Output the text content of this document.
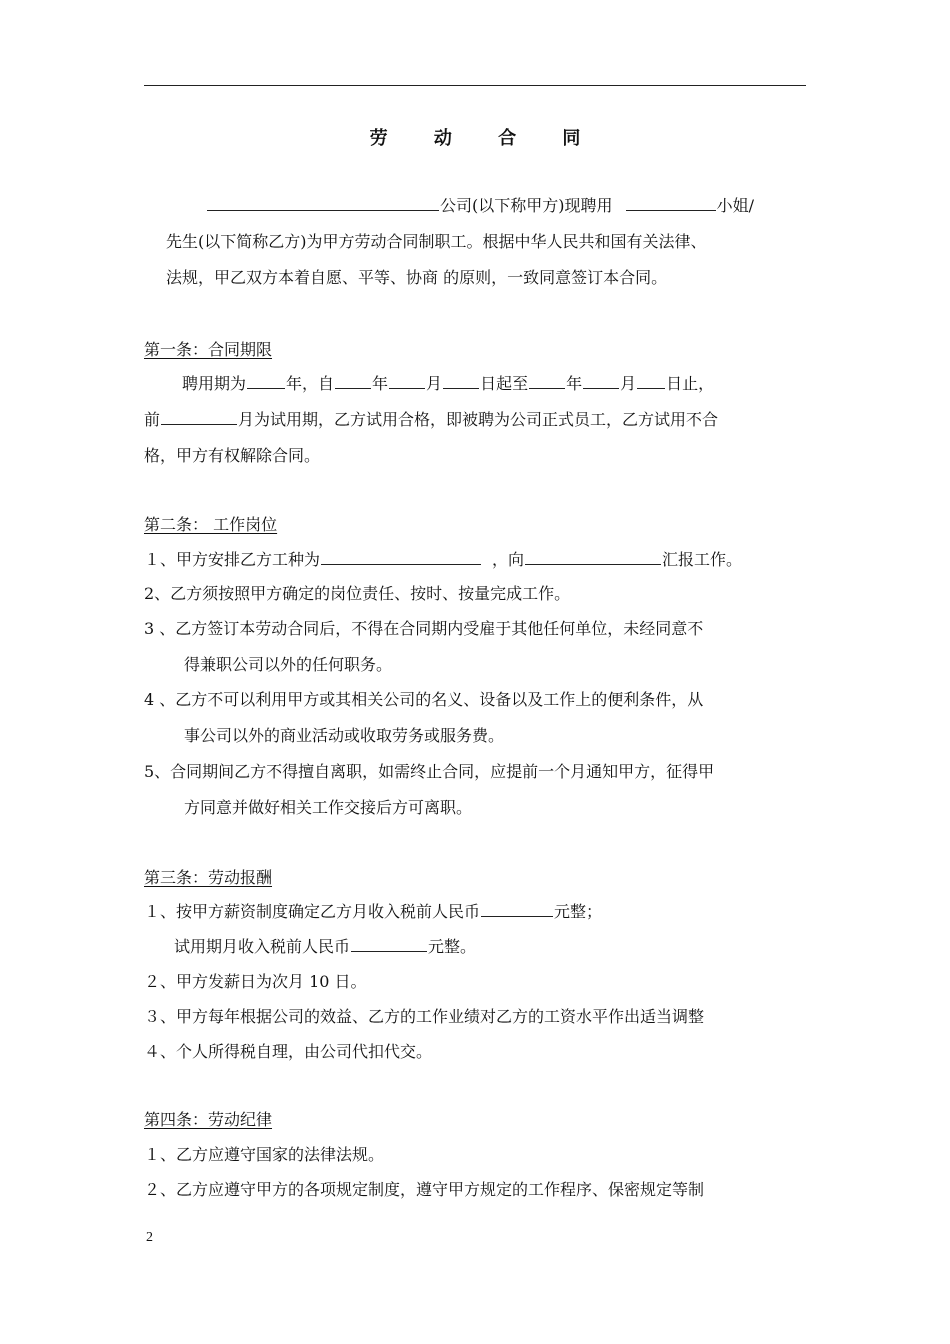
劳 动 合 同
公司(以下称甲方)现聘用	小姐/
先生(以下简称乙方)为甲方劳动合同制职工。根据中华人民共和国有关法律、
法规，甲乙双方本着自愿、平等、协商 的原则，一致同意签订本合同。
第一条：合同期限
聘用期为	年，自 年 月 日起至 年 月 日止，
前	月为试用期，乙方试用合格，即被聘为公司正式员工，乙方试用不合
格，甲方有权解除合同。
第二条： 工作岗位
１、甲方安排乙方工种为	，向	汇报工作。
2、乙方须按照甲方确定的岗位责任、按时、按量完成工作。
3 、乙方签订本劳动合同后，不得在合同期内受雇于其他任何单位，未经同意不
得兼职公司以外的任何职务。
4 、乙方不可以利用甲方或其相关公司的名义、设备以及工作上的便利条件，从
事公司以外的商业活动或收取劳务或服务费。
5、合同期间乙方不得擅自离职，如需终止合同，应提前一个月通知甲方，征得甲
方同意并做好相关工作交接后方可离职。
第三条：劳动报酬
１、按甲方薪资制度确定乙方月收入税前人民币	元整；
试用期月收入税前人民币	元整。
２、甲方发薪日为次月 10 日。
３、甲方每年根据公司的效益、乙方的工作业绩对乙方的工资水平作出适当调整
４、个人所得税自理，由公司代扣代交。
第四条：劳动纪律
１、乙方应遵守国家的法律法规。
２、乙方应遵守甲方的各项规定制度，遵守甲方规定的工作程序、保密规定等制
2
